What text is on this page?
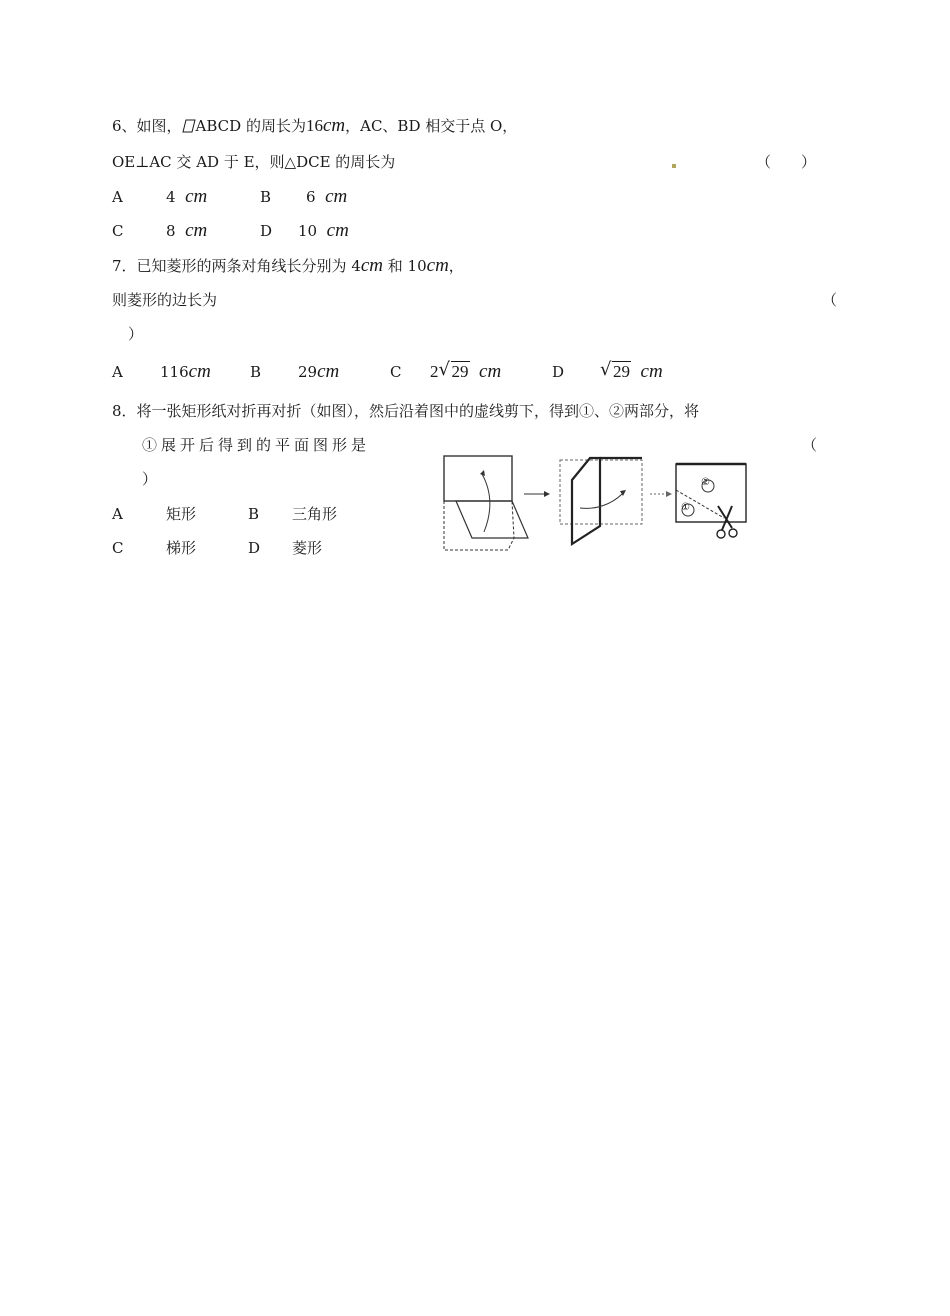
6、如图， ABCD 的周长为16cm，AC、BD 相交于点 O，
OE⊥AC 交 AD 于 E，则△DCE 的周长为	（　　）
A	4 cm	B 6 cm
C	8 cm	D 10 cm
7．已知菱形的两条对角线长分别为 4cm 和 10cm，
则菱形的边长为	（
）
A 116cm	B 29cm	C 2 √ 29 cm	D √ 29 cm
8．将一张矩形纸对折再对折（如图），然后沿着图中的虚线剪下，得到①、②两部分，将
①展开后得到的平面图形是	（
）
A	矩形	B 三角形
C	梯形	D 菱形
②
①
